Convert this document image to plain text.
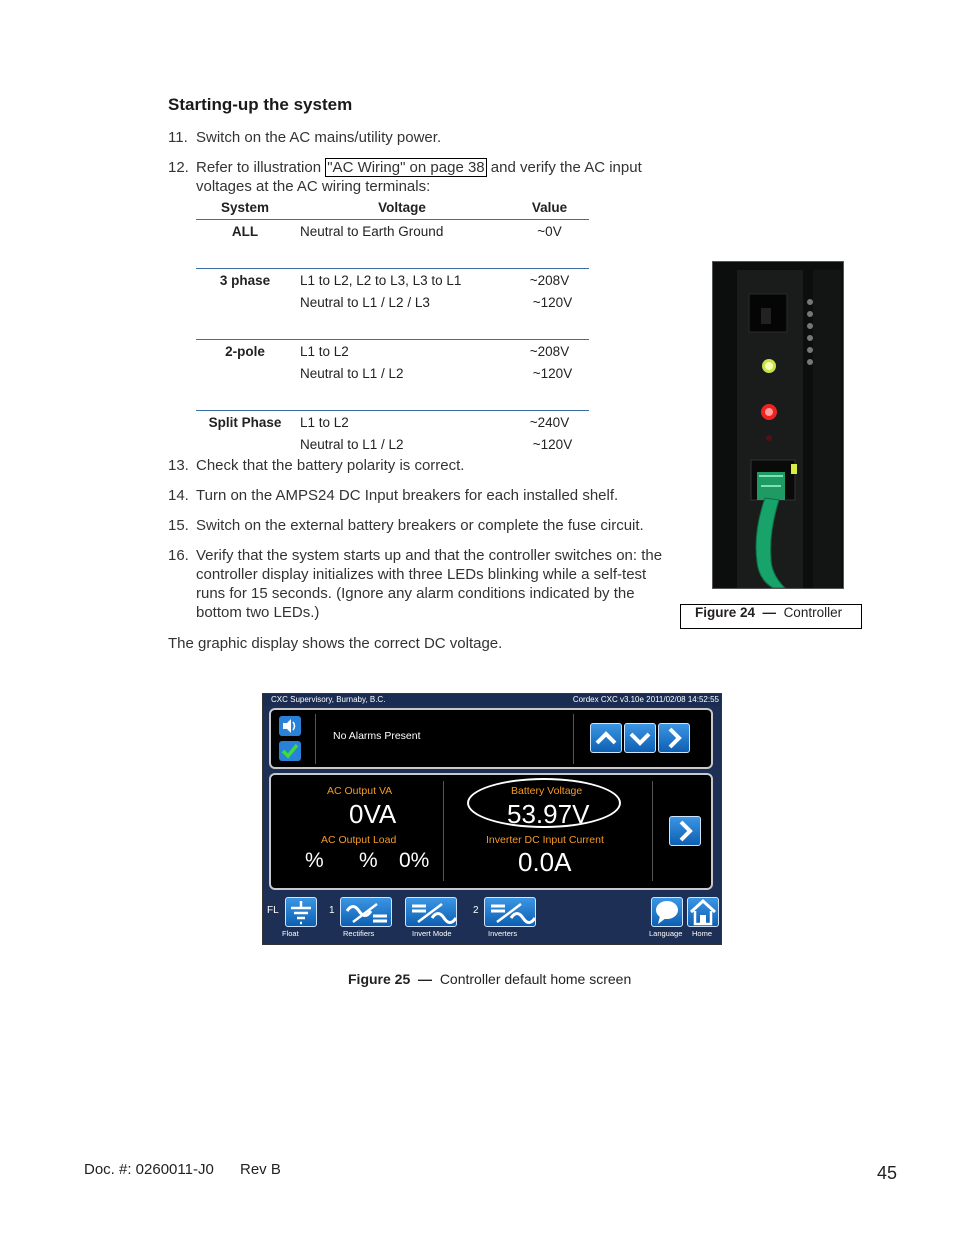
Starting-up the system
11. Switch on the AC mains/utility power.
12. Refer to illustration "AC Wiring" on page 38 and verify the AC input voltages at the AC wiring terminals:
System	Voltage	Value
ALL	Neutral to Earth Ground	~0V

3 phase	L1 to L2, L2 to L3, L3 to L1	~208V
	Neutral to L1 / L2 / L3	~120V

2-pole	L1 to L2	~208V
	Neutral to L1 / L2	~120V

Split Phase	L1 to L2	~240V
	Neutral to L1 / L2	~120V
13. Check that the battery polarity is correct.
14. Turn on the AMPS24 DC Input breakers for each installed shelf.
15. Switch on the external battery breakers or complete the fuse circuit.
16. Verify that the system starts up and that the controller switches on: the controller display initializes with three LEDs blinking while a self-test runs for 15 seconds. (Ignore any alarm conditions indicated by the bottom two LEDs.)
The graphic display shows the correct DC voltage.
Figure 24 — Controller
CXC Supervisory, Burnaby, B.C.	Cordex CXC v3.10e 2011/02/08 14:52:55
No Alarms Present
AC Output VA
0VA
AC Output Load
% % 0%
Battery Voltage
53.97V
Inverter DC Input Current
0.0A
FL
Float
1
Rectifiers	Invert Mode
2
Inverters	Language Home
Figure 25 — Controller default home screen
Doc. #: 0260011-J0 Rev B	45
